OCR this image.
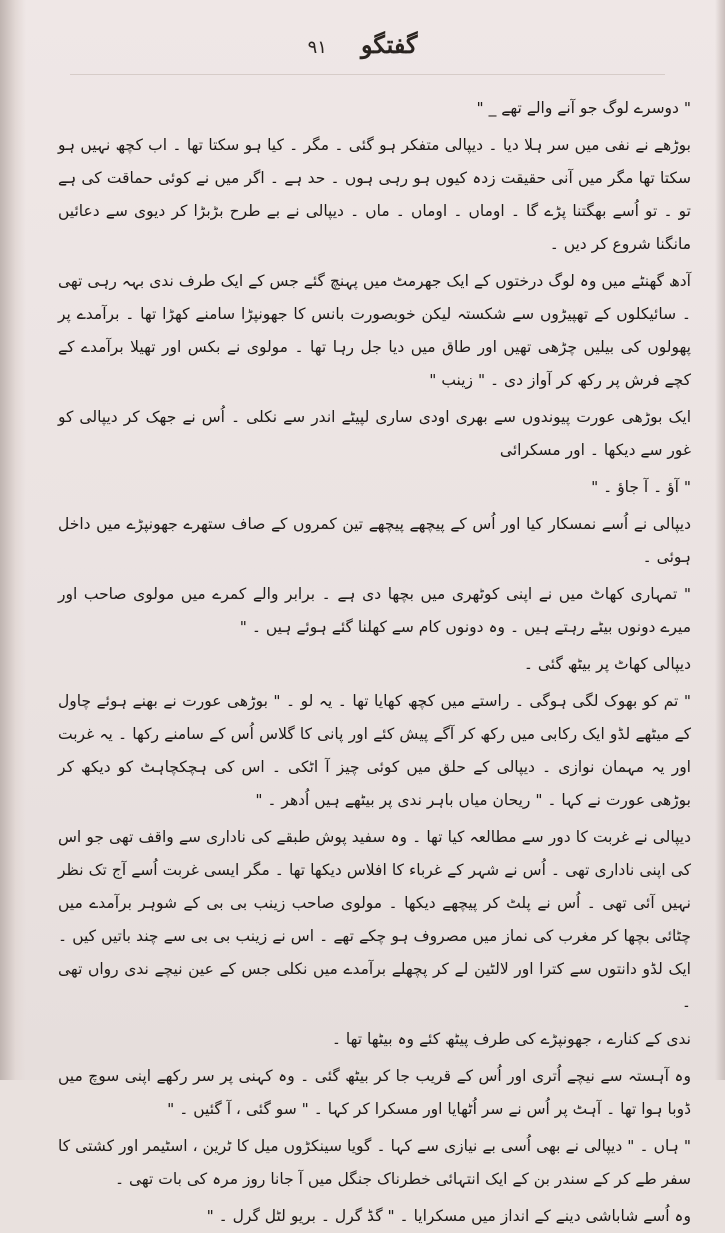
گفتگو
۹۱

" دوسرے لوگ جو آنے والے تھے _ "

بوڑھے نے نفی میں سر ہلا دیا ۔ دیپالی متفکر ہو گئی ۔ مگر ۔ کیا ہو سکتا تھا ۔ اب کچھ نہیں ہو سکتا تھا مگر میں آنی حقیقت زدہ کیوں ہو رہی ہوں ۔ حد ہے ۔ اگر میں نے کوئی حماقت کی ہے تو ۔ تو اُسے بھگتنا پڑے گا ۔ اوماں ۔ اوماں ۔ ماں ۔ دیپالی نے بے طرح بڑبڑا کر دیوی سے دعائیں مانگنا شروع کر دیں ۔

آدھ گھنٹے میں وہ لوگ درختوں کے ایک جھرمٹ میں پہنچ گئے جس کے ایک طرف ندی بہہ رہی تھی ۔ سائیکلوں کے تھپیڑوں سے شکستہ لیکن خوبصورت بانس کا جھونپڑا سامنے کھڑا تھا ۔ برآمدے پر پھولوں کی بیلیں چڑھی تھیں اور طاق میں دیا جل رہا تھا ۔ مولوی نے بکس اور تھیلا برآمدے کے کچے فرش پر رکھ کر آواز دی ۔ " زینب "

ایک بوڑھی عورت پیوندوں سے بھری اودی ساری لپیٹے اندر سے نکلی ۔ اُس نے جھک کر دیپالی کو غور سے دیکھا ۔ اور مسکرائی

" آؤ ۔ آ جاؤ ۔ "

دیپالی نے اُسے نمسکار کیا اور اُس کے پیچھے پیچھے تین کمروں کے صاف ستھرے جھونپڑے میں داخل ہوئی ۔

" تمہاری کھاٹ میں نے اپنی کوٹھری میں بچھا دی ہے ۔ برابر والے کمرے میں مولوی صاحب اور میرے دونوں بیٹے رہتے ہیں ۔ وہ دونوں کام سے کھلنا گئے ہوئے ہیں ۔ "

دیپالی کھاٹ پر بیٹھ گئی ۔

" تم کو بھوک لگی ہوگی ۔ راستے میں کچھ کھایا تھا ۔ یہ لو ۔ " بوڑھی عورت نے بھنے ہوئے چاول کے میٹھے لڈو ایک رکابی میں رکھ کر آگے پیش کئے اور پانی کا گلاس اُس کے سامنے رکھا ۔ یہ غربت اور یہ مہمان نوازی ۔ دیپالی کے حلق میں کوئی چیز آ اٹکی ۔ اس کی ہچکچاہٹ کو دیکھ کر بوڑھی عورت نے کہا ۔ " ریحان میاں باہر ندی پر بیٹھے ہیں اُدھر ۔ "

دیپالی نے غربت کا دور سے مطالعہ کیا تھا ۔ وہ سفید پوش طبقے کی ناداری سے واقف تھی جو اس کی اپنی ناداری تھی ۔ اُس نے شہر کے غرباء کا افلاس دیکھا تھا ۔ مگر ایسی غربت اُسے آج تک نظر نہیں آئی تھی ۔ اُس نے پلٹ کر پیچھے دیکھا ۔ مولوی صاحب زینب بی بی کے شوہر برآمدے میں چٹائی بچھا کر مغرب کی نماز میں مصروف ہو چکے تھے ۔ اس نے زینب بی بی سے چند باتیں کیں ۔ ایک لڈو دانتوں سے کترا اور لالٹین لے کر پچھلے برآمدے میں نکلی جس کے عین نیچے ندی رواں تھی ۔

ندی کے کنارے ، جھونپڑے کی طرف پیٹھ کئے وہ بیٹھا تھا ۔

وہ آہستہ سے نیچے اُتری اور اُس کے قریب جا کر بیٹھ گئی ۔ وہ کہنی پر سر رکھے اپنی سوچ میں ڈوبا ہوا تھا ۔ آہٹ پر اُس نے سر اُٹھایا اور مسکرا کر کہا ۔ " سو گئی ، آ گئیں ۔ "

" ہاں ۔ " دیپالی نے بھی اُسی بے نیازی سے کہا ۔ گویا سینکڑوں میل کا ٹرین ، اسٹیمر اور کشتی کا سفر طے کر کے سندر بن کے ایک انتہائی خطرناک جنگل میں آ جانا روز مرہ کی بات تھی ۔

وہ اُسے شاباشی دینے کے انداز میں مسکرایا ۔ " گڈ گرل ۔ بریو لٹل گرل ۔ "
